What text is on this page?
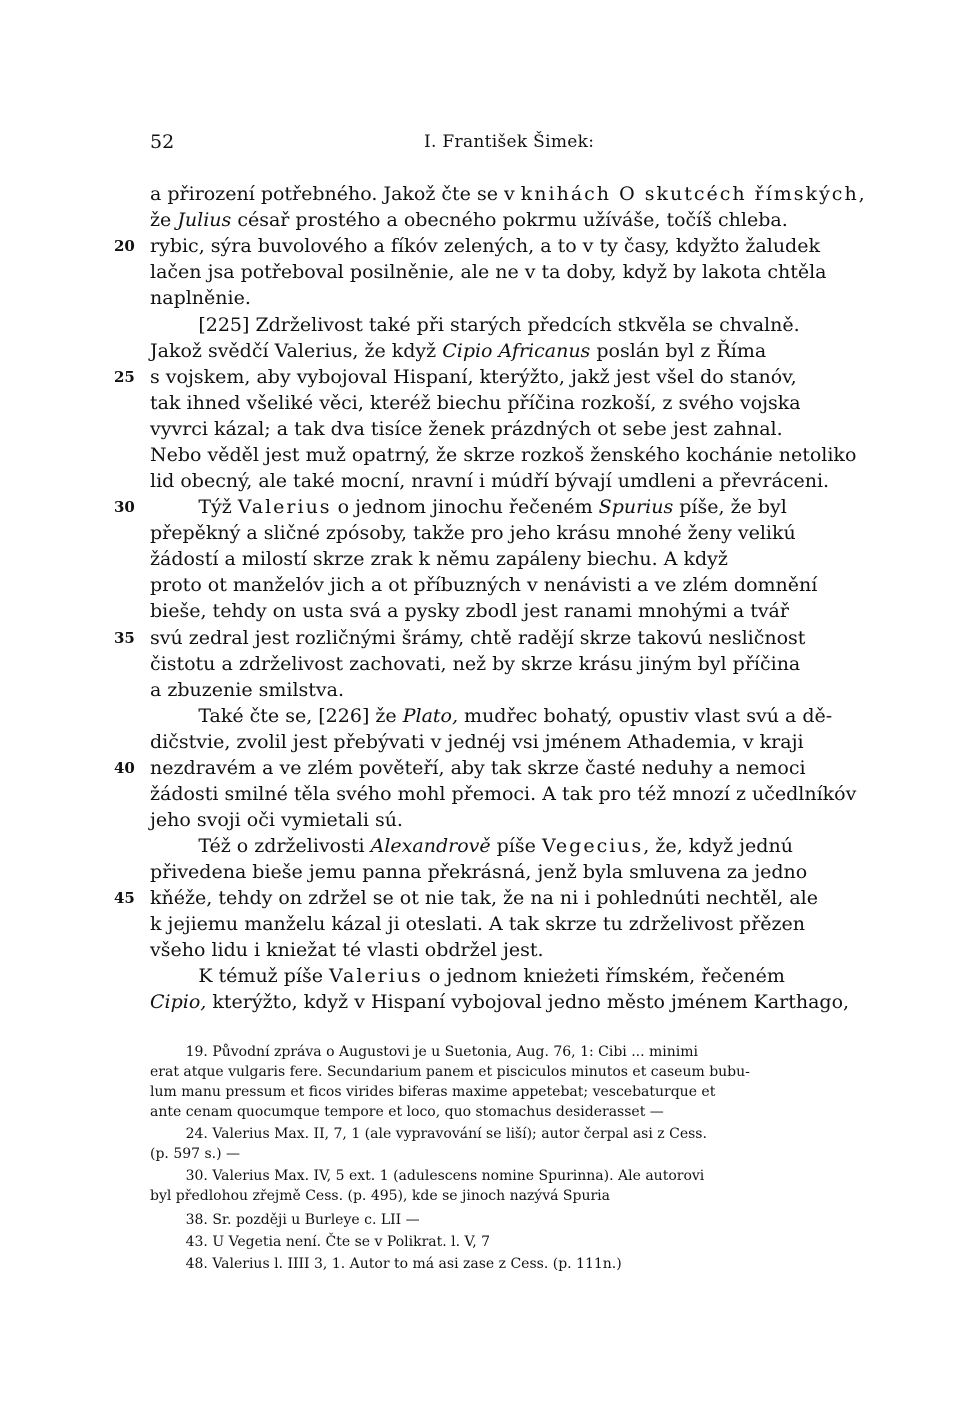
52	I. František Šimek:
a přirození potřebného. Jakož čte se v knihách O skutcéch římských,
že Julius césař prostého a obecného pokrmu užíváše, točíš chleba.
20 rybic, sýra buvolového a fíkóv zelených, a to v ty časy, kdyžto žaludek
lačen jsa potřeboval posilněnie, ale ne v ta doby, když by lakota chtěla
naplněnie.
[225] Zdrželivost také při starých předcích stkvěla se chvalně.
Jakož svědčí Valerius, že když Cipio Africanus poslán byl z Říma
25 s vojskem, aby vybojoval Hispaní, kterýžto, jakž jest všel do stanóv,
tak ihned všeliké věci, kteréž biechu příčina rozkoší, z svého vojska
vyvrci kázal; a tak dva tisíce ženek prázdných ot sebe jest zahnal.
Nebo věděl jest muž opatrný, že skrze rozkoš ženského kochánie netoliko
lid obecný, ale také mocní, nravní i múdří bývají umdleni a převráceni.
30 Týž Valerius o jednom jinochu řečeném Spurius píše, že byl
přepěkný a sličné zpósoby, takže pro jeho krásu mnohé ženy velikú
žádostí a milostí skrze zrak k němu zapáleny biechu. A když
proto ot manželóv jich a ot příbuzných v nenávisti a ve zlém domnění
bieše, tehdy on usta svá a pysky zbodl jest ranami mnohými a tvář
35 svú zedral jest rozličnými šrámy, chtě radějí skrze takovú nesličnost
čistotu a zdrželivost zachovati, než by skrze krásu jiným byl příčina
a zbuzenie smilstva.
Také čte se, [226] že Plato, mudřec bohatý, opustiv vlast svú a dě-
dičstvie, zvolil jest přebývati v jednéj vsi jménem Athademia, v kraji
40 nezdravém a ve zlém pověteří, aby tak skrze časté neduhy a nemoci
žádosti smilné těla svého mohl přemoci. A tak pro též mnozí z učedlníkóv
jeho svoji oči vymietali sú.
Též o zdrželivosti Alexandrově píše Vegecius, že, když jednú
přivedena bieše jemu panna překrásná, jenž byla smluvena za jedno
45 kňéže, tehdy on zdržel se ot nie tak, že na ni i pohlednúti nechtěl, ale
k jejiemu manželu kázal ji oteslati. A tak skrze tu zdrželivost přězen
všeho lidu i kniežat té vlasti obdržel jest.
K témuž píše Valerius o jednom knieżeti římském, řečeném
Cipio, kterýžto, když v Hispaní vybojoval jedno město jménem Karthago,
19. Původní zpráva o Augustovi je u Suetonia, Aug. 76, 1: Cibi ... minimi
erat atque vulgaris fere. Secundarium panem et pisciculos minutos et caseum bubu-
lum manu pressum et ficos virides biferas maxime appetebat; vescebaturque et
ante cenam quocumque tempore et loco, quo stomachus desiderasset —
24. Valerius Max. II, 7, 1 (ale vypravování se liší); autor čerpal asi z Cess.
(p. 597 s.) —
30. Valerius Max. IV, 5 ext. 1 (adulescens nomine Spurinna). Ale autorovi
byl předlohou zřejmě Cess. (p. 495), kde se jinoch nazývá Spuria
38. Sr. později u Burleye c. LII —
43. U Vegetia není. Čte se v Polikrat. l. V, 7
48. Valerius l. IIII 3, 1. Autor to má asi zase z Cess. (p. 111n.)
